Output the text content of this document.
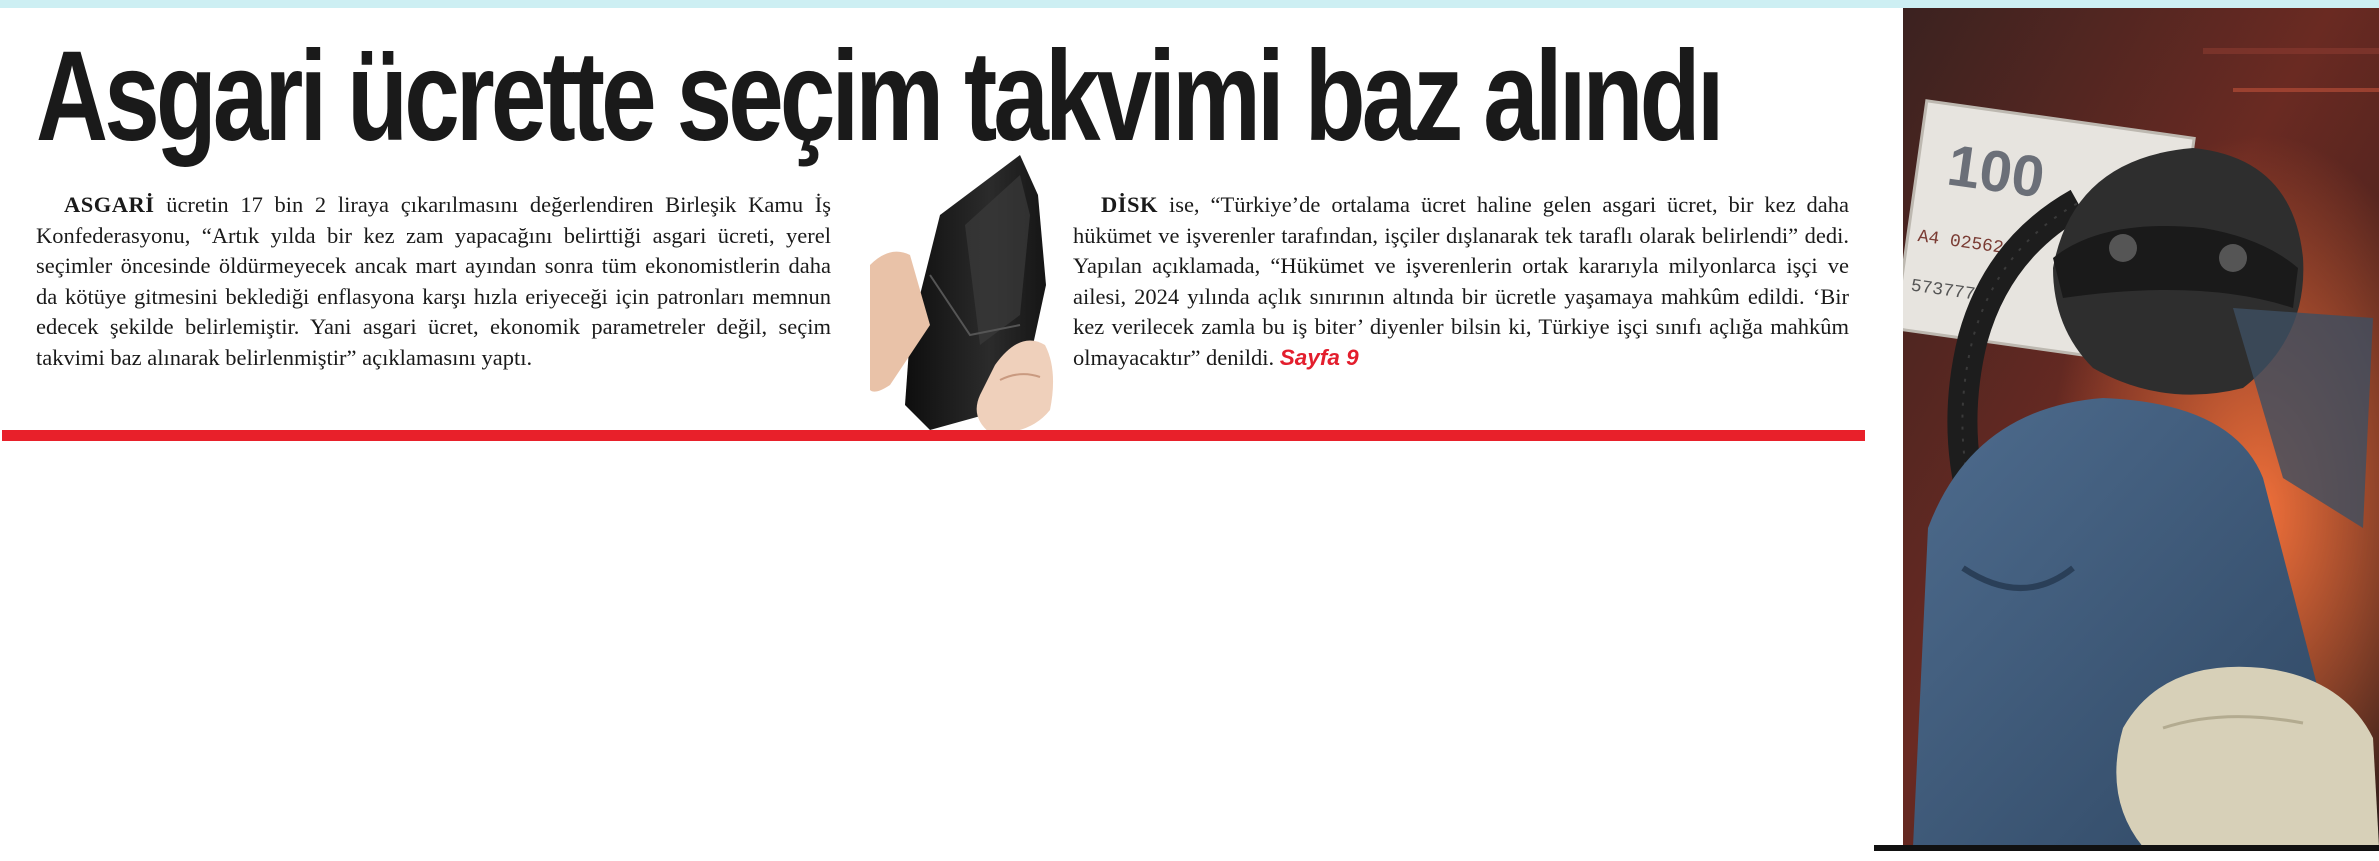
Asgari ücrette seçim takvimi baz alındı
ASGARİ ücretin 17 bin 2 liraya çıkarılmasını değerlendiren Birleşik Kamu İş Konfederasyonu, “Artık yılda bir kez zam yapacağını belirttiği asgari ücreti, yerel seçimler öncesinde öldürmeyecek ancak mart ayından sonra tüm ekonomistlerin daha da kötüye gitmesini beklediği enflasyona karşı hızla eriyeceği için patronları memnun edecek şekilde belirlemiştir. Yani asgari ücret, ekonomik parametreler değil, seçim takvimi baz alınarak belirlenmiştir” açıklamasını yaptı.
DİSK ise, “Türkiye’de ortalama ücret haline gelen asgari ücret, bir kez daha hükümet ve işverenler tarafından, işçiler dışlanarak tek taraflı olarak belirlendi” dedi. Yapılan açıklamada, “Hükümet ve işverenlerin ortak kararıyla milyonlarca işçi ve ailesi, 2024 yılında açlık sınırının altında bir ücretle yaşamaya mahkûm edildi. ‘Bir kez verilecek zamla bu iş biter’ diyenler bilsin ki, Türkiye işçi sınıfı açlığa mahkûm olmayacaktır” denildi. Sayfa 9
100
A4 025620
573777
